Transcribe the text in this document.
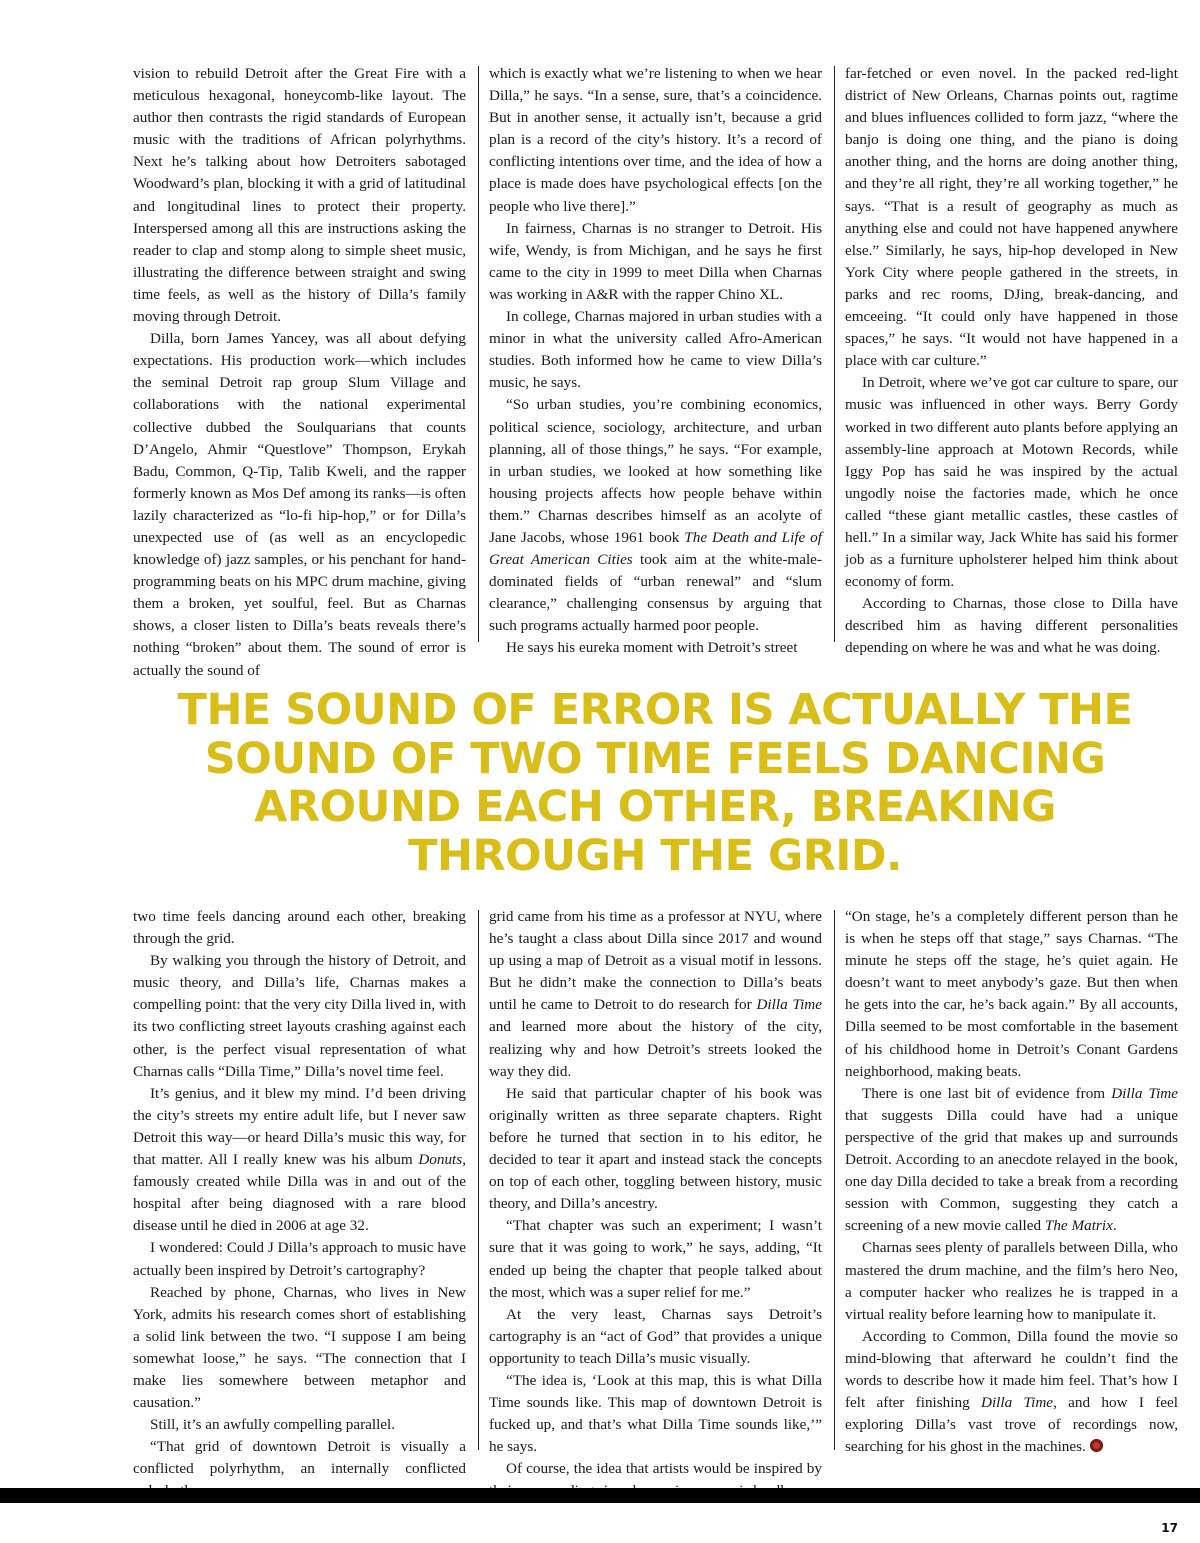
vision to rebuild Detroit after the Great Fire with a meticulous hexagonal, honeycomb-like layout. The author then contrasts the rigid standards of European music with the traditions of African polyrhythms. Next he’s talking about how Detroiters sabotaged Woodward’s plan, blocking it with a grid of latitudinal and longitudinal lines to protect their property. Interspersed among all this are instructions asking the reader to clap and stomp along to simple sheet music, illustrating the difference between straight and swing time feels, as well as the history of Dilla’s family moving through Detroit.

Dilla, born James Yancey, was all about defying expectations. His production work—which includes the seminal Detroit rap group Slum Village and collaborations with the national experimental collective dubbed the Soulquarians that counts D’Angelo, Ahmir “Questlove” Thompson, Erykah Badu, Common, Q-Tip, Talib Kweli, and the rapper formerly known as Mos Def among its ranks—is often lazily characterized as “lo-fi hip-hop,” or for Dilla’s unexpected use of (as well as an encyclopedic knowledge of) jazz samples, or his penchant for hand-programming beats on his MPC drum machine, giving them a broken, yet soulful, feel. But as Charnas shows, a closer listen to Dilla’s beats reveals there’s nothing “broken” about them. The sound of error is actually the sound of

which is exactly what we’re listening to when we hear Dilla,” he says. “In a sense, sure, that’s a coincidence. But in another sense, it actually isn’t, because a grid plan is a record of the city’s history. It’s a record of conflicting intentions over time, and the idea of how a place is made does have psychological effects [on the people who live there].”

In fairness, Charnas is no stranger to Detroit. His wife, Wendy, is from Michigan, and he says he first came to the city in 1999 to meet Dilla when Charnas was working in A&R with the rapper Chino XL.

In college, Charnas majored in urban studies with a minor in what the university called Afro-American studies. Both informed how he came to view Dilla’s music, he says.

“So urban studies, you’re combining economics, political science, sociology, architecture, and urban planning, all of those things,” he says. “For example, in urban studies, we looked at how something like housing projects affects how people behave within them.” Charnas describes himself as an acolyte of Jane Jacobs, whose 1961 book The Death and Life of Great American Cities took aim at the white-male-dominated fields of “urban renewal” and “slum clearance,” challenging consensus by arguing that such programs actually harmed poor people.

He says his eureka moment with Detroit’s street

far-fetched or even novel. In the packed red-light district of New Orleans, Charnas points out, ragtime and blues influences collided to form jazz, “where the banjo is doing one thing, and the piano is doing another thing, and the horns are doing another thing, and they’re all right, they’re all working together,” he says. “That is a result of geography as much as anything else and could not have happened anywhere else.” Similarly, he says, hip-hop developed in New York City where people gathered in the streets, in parks and rec rooms, DJing, break-dancing, and emceeing. “It could only have happened in those spaces,” he says. “It would not have happened in a place with car culture.”

In Detroit, where we’ve got car culture to spare, our music was influenced in other ways. Berry Gordy worked in two different auto plants before applying an assembly-line approach at Motown Records, while Iggy Pop has said he was inspired by the actual ungodly noise the factories made, which he once called “these giant metallic castles, these castles of hell.” In a similar way, Jack White has said his former job as a furniture upholsterer helped him think about economy of form.

According to Charnas, those close to Dilla have described him as having different personalities depending on where he was and what he was doing.

THE SOUND OF ERROR IS ACTUALLY THE SOUND OF TWO TIME FEELS DANCING AROUND EACH OTHER, BREAKING THROUGH THE GRID.

two time feels dancing around each other, breaking through the grid.

By walking you through the history of Detroit, and music theory, and Dilla’s life, Charnas makes a compelling point: that the very city Dilla lived in, with its two conflicting street layouts crashing against each other, is the perfect visual representation of what Charnas calls “Dilla Time,” Dilla’s novel time feel.

It’s genius, and it blew my mind. I’d been driving the city’s streets my entire adult life, but I never saw Detroit this way—or heard Dilla’s music this way, for that matter. All I really knew was his album Donuts, famously created while Dilla was in and out of the hospital after being diagnosed with a rare blood disease until he died in 2006 at age 32.

I wondered: Could J Dilla’s approach to music have actually been inspired by Detroit’s cartography?

Reached by phone, Charnas, who lives in New York, admits his research comes short of establishing a solid link between the two. “I suppose I am being somewhat loose,” he says. “The connection that I make lies somewhere between metaphor and causation.”

Still, it’s an awfully compelling parallel.

“That grid of downtown Detroit is visually a conflicted polyrhythm, an internally conflicted

grid came from his time as a professor at NYU, where he’s taught a class about Dilla since 2017 and wound up using a map of Detroit as a visual motif in lessons. But he didn’t make the connection to Dilla’s beats until he came to Detroit to do research for Dilla Time and learned more about the history of the city, realizing why and how Detroit’s streets looked the way they did.

He said that particular chapter of his book was originally written as three separate chapters. Right before he turned that section in to his editor, he decided to tear it apart and instead stack the concepts on top of each other, toggling between history, music theory, and Dilla’s ancestry.

“That chapter was such an experiment; I wasn’t sure that it was going to work,” he says, adding, “It ended up being the chapter that people talked about the most, which was a super relief for me.”

At the very least, Charnas says Detroit’s cartography is an “act of God” that provides a unique opportunity to teach Dilla’s music visually.

“The idea is, ‘Look at this map, this is what Dilla Time sounds like. This map of downtown Detroit is fucked up, and that’s what Dilla Time sounds like,’” he says.

Of course, the idea that artists would be inspired by

“On stage, he’s a completely different person than he is when he steps off that stage,” says Charnas. “The minute he steps off the stage, he’s quiet again. He doesn’t want to meet anybody’s gaze. But then when he gets into the car, he’s back again.” By all accounts, Dilla seemed to be most comfortable in the basement of his childhood home in Detroit’s Conant Gardens neighborhood, making beats.

There is one last bit of evidence from Dilla Time that suggests Dilla could have had a unique perspective of the grid that makes up and surrounds Detroit. According to an anecdote relayed in the book, one day Dilla decided to take a break from a recording session with Common, suggesting they catch a screening of a new movie called The Matrix.

Charnas sees plenty of parallels between Dilla, who mastered the drum machine, and the film’s hero Neo, a computer hacker who realizes he is trapped in a virtual reality before learning how to manipulate it.

According to Common, Dilla found the movie so mind-blowing that afterward he couldn’t find the words to describe how it made him feel. That’s how I felt after finishing Dilla Time, and how I feel exploring Dilla’s vast trove of recordings now, searching for his ghost in the machines.

17
